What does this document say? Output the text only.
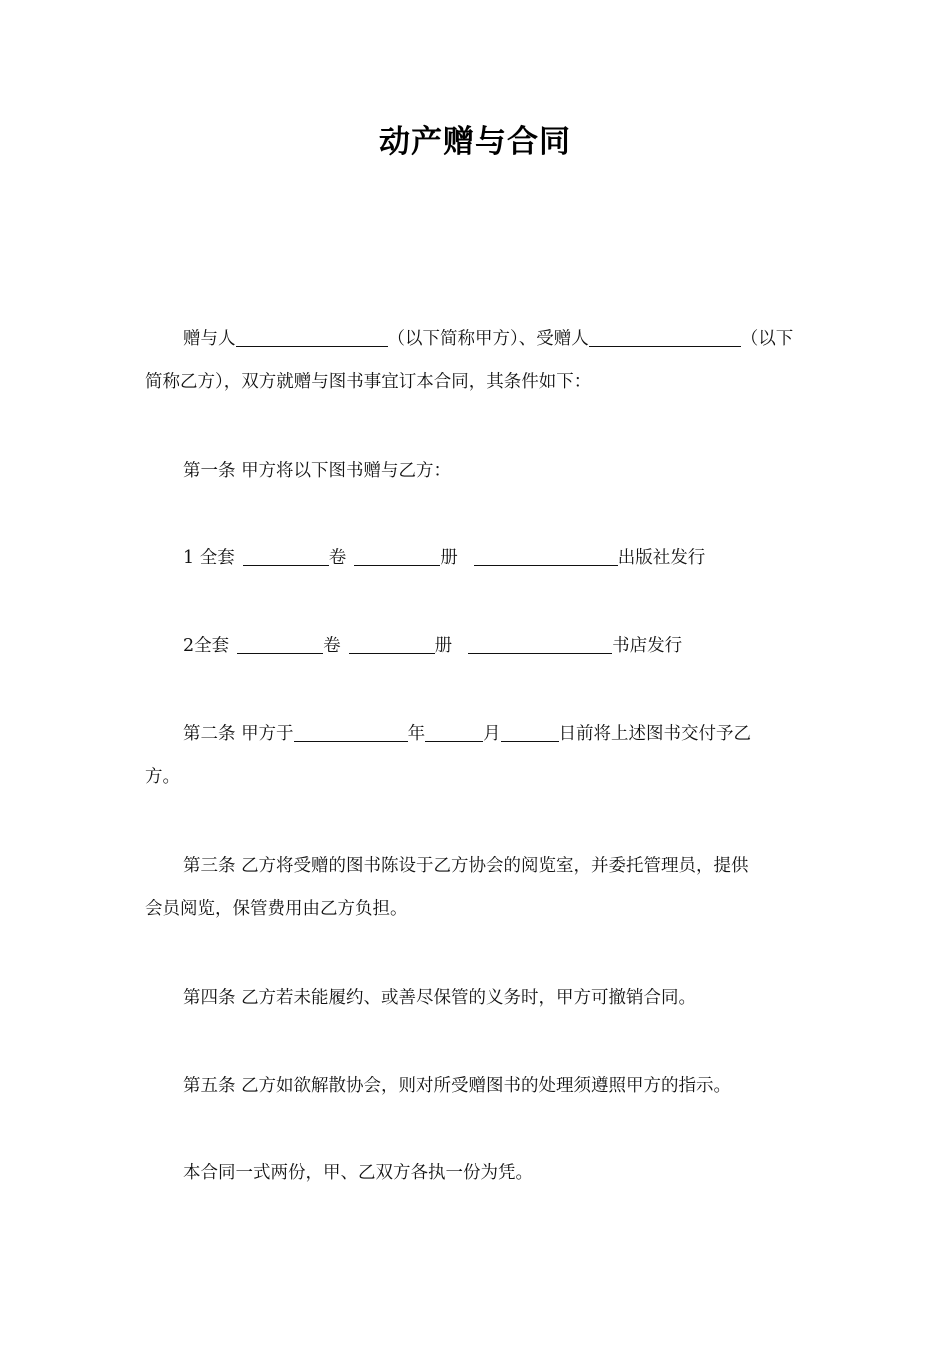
动产赠与合同
赠与人	（以下简称甲方）、受赠人	（以下
简称乙方），双方就赠与图书事宜订本合同，其条件如下：
第一条 甲方将以下图书赠与乙方：
1 全套	卷	册	出版社发行
2全套	卷	册	书店发行
第二条 甲方于	年	月	日前将上述图书交付予乙
方。
第三条 乙方将受赠的图书陈设于乙方协会的阅览室，并委托管理员，提供
会员阅览，保管费用由乙方负担。
第四条 乙方若未能履约、或善尽保管的义务时，甲方可撤销合同。
第五条 乙方如欲解散协会，则对所受赠图书的处理须遵照甲方的指示。
本合同一式两份，甲、乙双方各执一份为凭。
